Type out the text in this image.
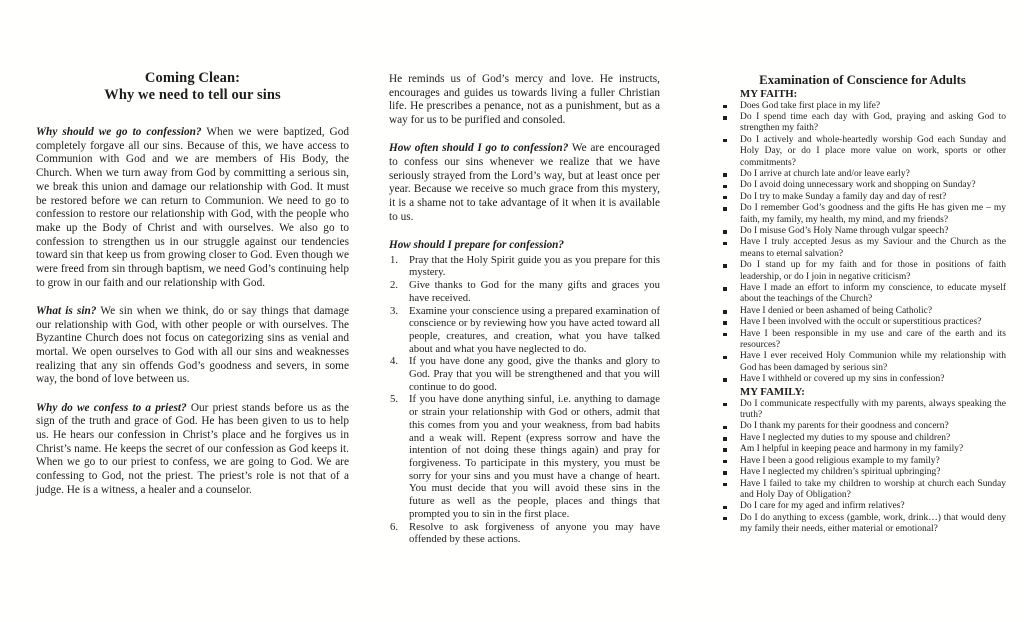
Coming Clean:
Why we need to tell our sins

Why should we go to confession? When we were baptized, God completely forgave all our sins. Because of this, we have access to Communion with God and we are members of His Body, the Church. When we turn away from God by committing a serious sin, we break this union and damage our relationship with God. It must be restored before we can return to Communion. We need to go to confession to restore our relationship with God, with the people who make up the Body of Christ and with ourselves. We also go to confession to strengthen us in our struggle against our tendencies toward sin that keep us from growing closer to God. Even though we were freed from sin through baptism, we need God’s continuing help to grow in our faith and our relationship with God.

What is sin? We sin when we think, do or say things that damage our relationship with God, with other people or with ourselves. The Byzantine Church does not focus on categorizing sins as venial and mortal. We open ourselves to God with all our sins and weaknesses realizing that any sin offends God’s goodness and severs, in some way, the bond of love between us.

Why do we confess to a priest? Our priest stands before us as the sign of the truth and grace of God. He has been given to us to help us. He hears our confession in Christ’s place and he forgives us in Christ’s name. He keeps the secret of our confession as God keeps it. When we go to our priest to confess, we are going to God. We are confessing to God, not the priest. The priest’s role is not that of a judge. He is a witness, a healer and a counselor.

He reminds us of God’s mercy and love. He instructs, encourages and guides us towards living a fuller Christian life. He prescribes a penance, not as a punishment, but as a way for us to be purified and consoled.

How often should I go to confession? We are encouraged to confess our sins whenever we realize that we have seriously strayed from the Lord’s way, but at least once per year. Because we receive so much grace from this mystery, it is a shame not to take advantage of it when it is available to us.

How should I prepare for confession?
Pray that the Holy Spirit guide you as you prepare for this mystery.
Give thanks to God for the many gifts and graces you have received.
Examine your conscience using a prepared examination of conscience or by reviewing how you have acted toward all people, creatures, and creation, what you have talked about and what you have neglected to do.
If you have done any good, give the thanks and glory to God. Pray that you will be strengthened and that you will continue to do good.
If you have done anything sinful, i.e. anything to damage or strain your relationship with God or others, admit that this comes from you and your weakness, from bad habits and a weak will. Repent (express sorrow and have the intention of not doing these things again) and pray for forgiveness. To participate in this mystery, you must be sorry for your sins and you must have a change of heart. You must decide that you will avoid these sins in the future as well as the people, places and things that prompted you to sin in the first place.
Resolve to ask forgiveness of anyone you may have offended by these actions.
Examination of Conscience for Adults
MY FAITH:
Does God take first place in my life?
Do I spend time each day with God, praying and asking God to strengthen my faith?
Do I actively and whole-heartedly worship God each Sunday and Holy Day, or do I place more value on work, sports or other commitments?
Do I arrive at church late and/or leave early?
Do I avoid doing unnecessary work and shopping on Sunday?
Do I try to make Sunday a family day and day of rest?
Do I remember God’s goodness and the gifts He has given me – my faith, my family, my health, my mind, and my friends?
Do I misuse God’s Holy Name through vulgar speech?
Have I truly accepted Jesus as my Saviour and the Church as the means to eternal salvation?
Do I stand up for my faith and for those in positions of faith leadership, or do I join in negative criticism?
Have I made an effort to inform my conscience, to educate myself about the teachings of the Church?
Have I denied or been ashamed of being Catholic?
Have I been involved with the occult or superstitious practices?
Have I been responsible in my use and care of the earth and its resources?
Have I ever received Holy Communion while my relationship with God has been damaged by serious sin?
Have I withheld or covered up my sins in confession?
MY FAMILY:
Do I communicate respectfully with my parents, always speaking the truth?
Do I thank my parents for their goodness and concern?
Have I neglected my duties to my spouse and children?
Am I helpful in keeping peace and harmony in my family?
Have I been a good religious example to my family?
Have I neglected my children’s spiritual upbringing?
Have I failed to take my children to worship at church each Sunday and Holy Day of Obligation?
Do I care for my aged and infirm relatives?
Do I do anything to excess (gamble, work, drink…) that would deny my family their needs, either material or emotional?
